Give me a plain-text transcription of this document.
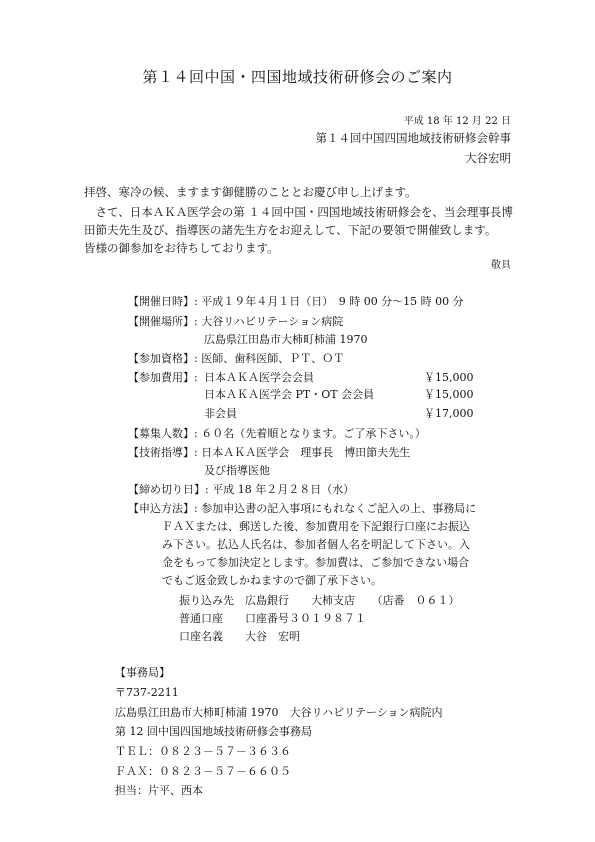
第１４回中国・四国地域技術研修会のご案内
平成 18 年 12 月 22 日
第１４回中国四国地域技術研修会幹事
大谷宏明
拝啓、寒冷の候、ますます御健勝のこととお慶び申し上げます。
　さて、日本ＡＫＡ医学会の第 １４回中国・四国地域技術研修会を、当会理事長博
田節夫先生及び、指導医の諸先生方をお迎えして、下記の要領で開催致します。
皆様の御参加をお待ちしております。
敬具
【開催日時】: 平成１９年４月１日（日）　9 時 00 分～15 時 00 分
【開催場所】: 大谷リハビリテーション病院
広島県江田島市大柿町柿浦 1970
【参加資格】: 医師、歯科医師、ＰＴ、ＯＴ
【参加費用】: 日本ＡＫＡ医学会会員	￥15,000
日本ＡＫＡ医学会 PT・OT 会会員	￥15,000
非会員	￥17,000
【募集人数】: ６０名（先着順となります。ご了承下さい。）
【技術指導】: 日本ＡＫＡ医学会　理事長　博田節夫先生
及び指導医他
【締め切り日】: 平成 18 年２月２８日（水）
【申込方法】: 参加申込書の記入事項にもれなくご記入の上、事務局に
ＦＡＸまたは、郵送した後、参加費用を下記銀行口座にお振込
み下さい。払込人氏名は、参加者個人名を明記して下さい。入
金をもって参加決定とします。参加費は、ご参加できない場合
でもご返金致しかねますので御了承下さい。
振り込み先　広島銀行　　大柿支店　　（店番　０６１）
普通口座　　口座番号３０１９８７１
口座名義　　大谷　宏明
【事務局】
〒737-2211
広島県江田島市大柿町柿浦 1970　大谷リハビリテーション病院内
第 12 回中国四国地域技術研修会事務局
ＴＥＬ：０８２３－５７－３６３６
ＦＡＸ：０８２３－５７－６６０５
担当：片平、西本
